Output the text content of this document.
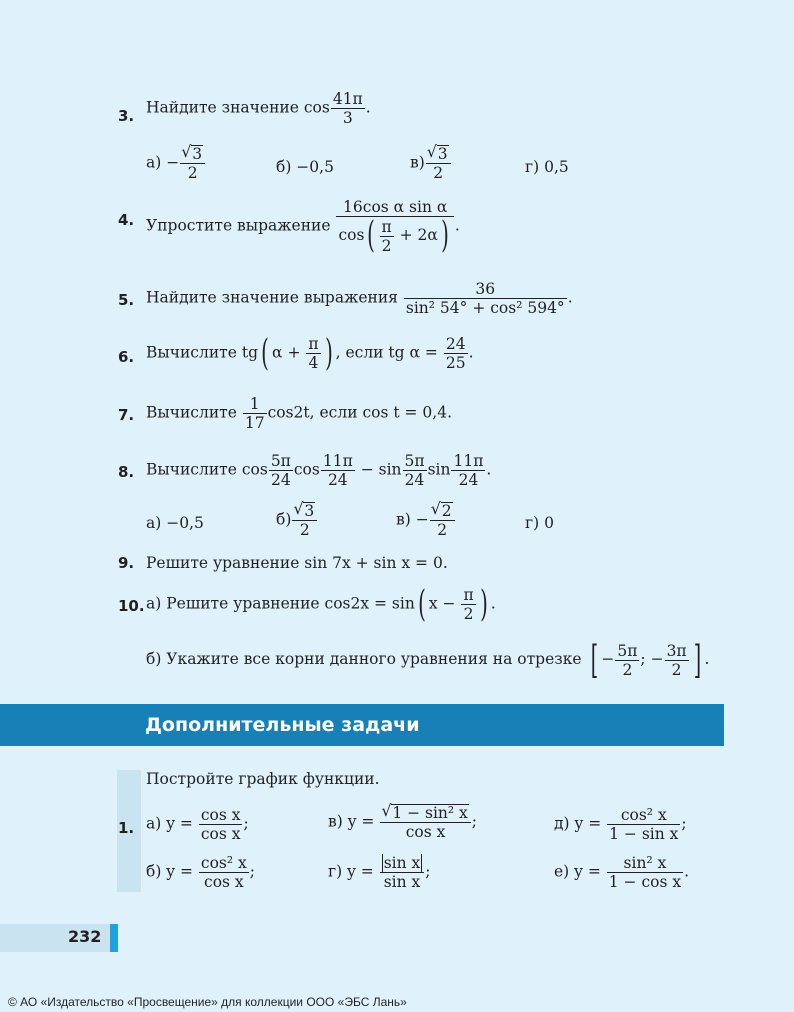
3. Найдите значение $\cos \frac{41\pi}{3}$ .
а) − √ $\frac{3}{2}$	б) −0,5	в) √ $\frac{3}{2}$	г) 0,5
4. Упростите выражение $\frac{\text{16cos α sin α}}{\cos( \frac{\pi}{2} + 2\alpha)}$ .
5. Найдите значение выражения $\frac{36}{\text{sin² 54° + cos² 594°}}$ .
6. Вычислите tg( $\alpha + \frac{\pi}{4}$ ) , если tg $\alpha = \frac{24}{25}$ .
7. Вычислите $\frac{1}{17} \cos 2t$, если cos t = 0,4.
8. Вычислите $\cos \frac{5\pi}{24}$ $\cos \frac{11\pi}{24} - \sin \frac{5\pi}{24}$ $\sin \frac{11\pi}{24}$ .
а) −0,5	б) √ $\frac{3}{2}$	в) − √ $\frac{2}{2}$	г) 0
9. Решите уравнение sin 7x + sin x = 0.
10. а) Решите уравнение cos2x = sin( $x - \frac{\pi}{2}$ ) .
б) Укажите все корни данного уравнения на отрезке [ − $\frac{5\pi}{2}$ ; − $\frac{3\pi}{2}$ ] .
Дополнительные задачи
Постройте график функции.
1. а) $y = \frac{\text{cos x}}{\text{cos x}}$ ;	в) y = √ $\frac{\text{1 − sin² x}}{\text{cos x}}$ ;	д) $y = \frac{\text{cos² x}}{\text{1 − sin x}}$ ;
б) $y = \frac{\text{cos² x}}{\text{cos x}}$ ;	г) $y = \frac{\text{sin x}}{\text{sin x}}$ ;	е) $y = \frac{\text{sin² x}}{\text{1 − cos x}}$ .
232
© АО «Издательство «Просвещение» для коллекции ООО «ЭБС Лань»
